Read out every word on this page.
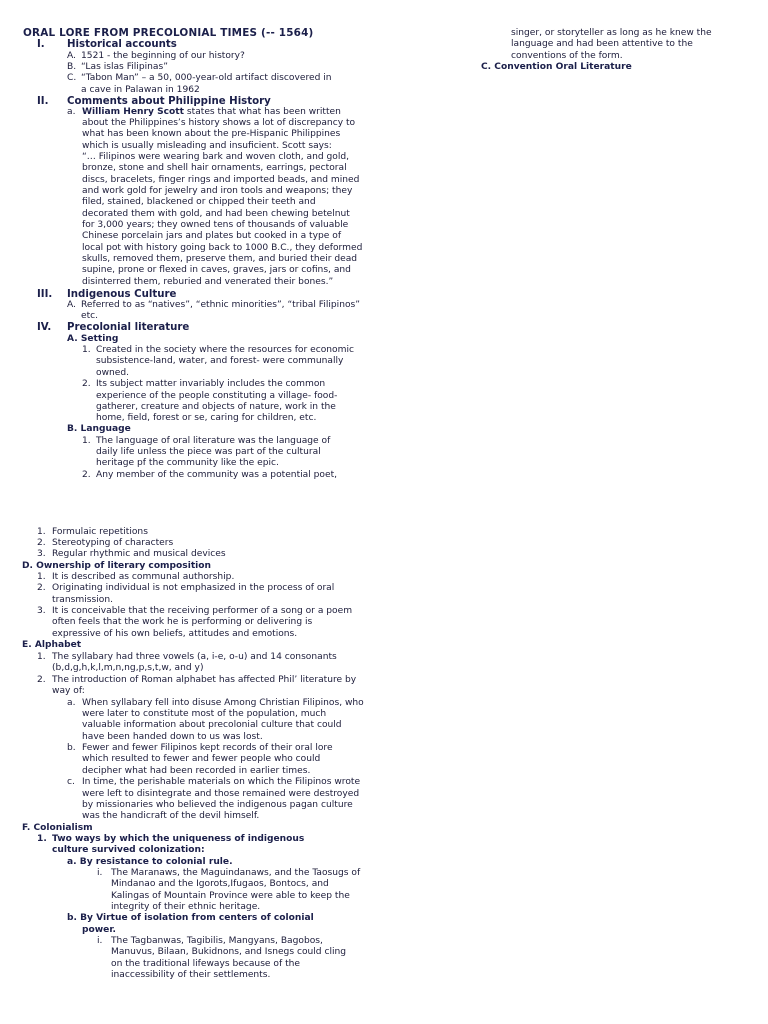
ORAL LORE FROM PRECOLONIAL TIMES (-- 1564)
I. Historical accounts
A. 1521 - the beginning of our history?
B. “Las islas Filipinas”
C. “Tabon Man” – a 50, 000-year-old artifact discovered in
a cave in Palawan in 1962
II. Comments about Philippine History
a. William Henry Scott states that what has been written
about the Philippines’s history shows a lot of discrepancy to
what has been known about the pre-Hispanic Philippines
which is usually misleading and insuficient. Scott says:
“… Filipinos were wearing bark and woven cloth, and gold,
bronze, stone and shell hair ornaments, earrings, pectoral
discs, bracelets, finger rings and imported beads, and mined
and work gold for jewelry and iron tools and weapons; they
filed, stained, blackened or chipped their teeth and
decorated them with gold, and had been chewing betelnut
for 3,000 years; they owned tens of thousands of valuable
Chinese porcelain jars and plates but cooked in a type of
local pot with history going back to 1000 B.C., they deformed
skulls, removed them, preserve them, and buried their dead
supine, prone or flexed in caves, graves, jars or cofins, and
disinterred them, reburied and venerated their bones.”
III. Indigenous Culture
A. Referred to as “natives”, “ethnic minorities”, “tribal Filipinos”
etc.
IV. Precolonial literature
A. Setting
1. Created in the society where the resources for economic
subsistence-land, water, and forest- were communally
owned.
2. Its subject matter invariably includes the common
experience of the people constituting a village- food-
gatherer, creature and objects of nature, work in the
home, field, forest or se, caring for children, etc.
B. Language
1. The language of oral literature was the language of
daily life unless the piece was part of the cultural
heritage pf the community like the epic.
2. Any member of the community was a potential poet,
singer, or storyteller as long as he knew the
language and had been attentive to the
conventions of the form.
C. Convention Oral Literature
1. Formulaic repetitions
2. Stereotyping of characters
3. Regular rhythmic and musical devices
D. Ownership of literary composition
1. It is described as communal authorship.
2. Originating individual is not emphasized in the process of oral
transmission.
3. It is conceivable that the receiving performer of a song or a poem
often feels that the work he is performing or delivering is
expressive of his own beliefs, attitudes and emotions.
E. Alphabet
1. The syllabary had three vowels (a, i-e, o-u) and 14 consonants
(b,d,g,h,k,l,m,n,ng,p,s,t,w, and y)
2. The introduction of Roman alphabet has affected Phil’ literature by
way of:
a. When syllabary fell into disuse Among Christian Filipinos, who
were later to constitute most of the population, much
valuable information about precolonial culture that could
have been handed down to us was lost.
b. Fewer and fewer Filipinos kept records of their oral lore
which resulted to fewer and fewer people who could
decipher what had been recorded in earlier times.
c. In time, the perishable materials on which the Filipinos wrote
were left to disintegrate and those remained were destroyed
by missionaries who believed the indigenous pagan culture
was the handicraft of the devil himself.
F. Colonialism
1. Two ways by which the uniqueness of indigenous
culture survived colonization:
a. By resistance to colonial rule.
i. The Maranaws, the Maguindanaws, and the Taosugs of
Mindanao and the Igorots,Ifugaos, Bontocs, and
Kalingas of Mountain Province were able to keep the
integrity of their ethnic heritage.
b. By Virtue of isolation from centers of colonial
power.
i. The Tagbanwas, Tagibilis, Mangyans, Bagobos,
Manuvus, Bilaan, Bukidnons, and Isnegs could cling
on the traditional lifeways because of the
inaccessibility of their settlements.
